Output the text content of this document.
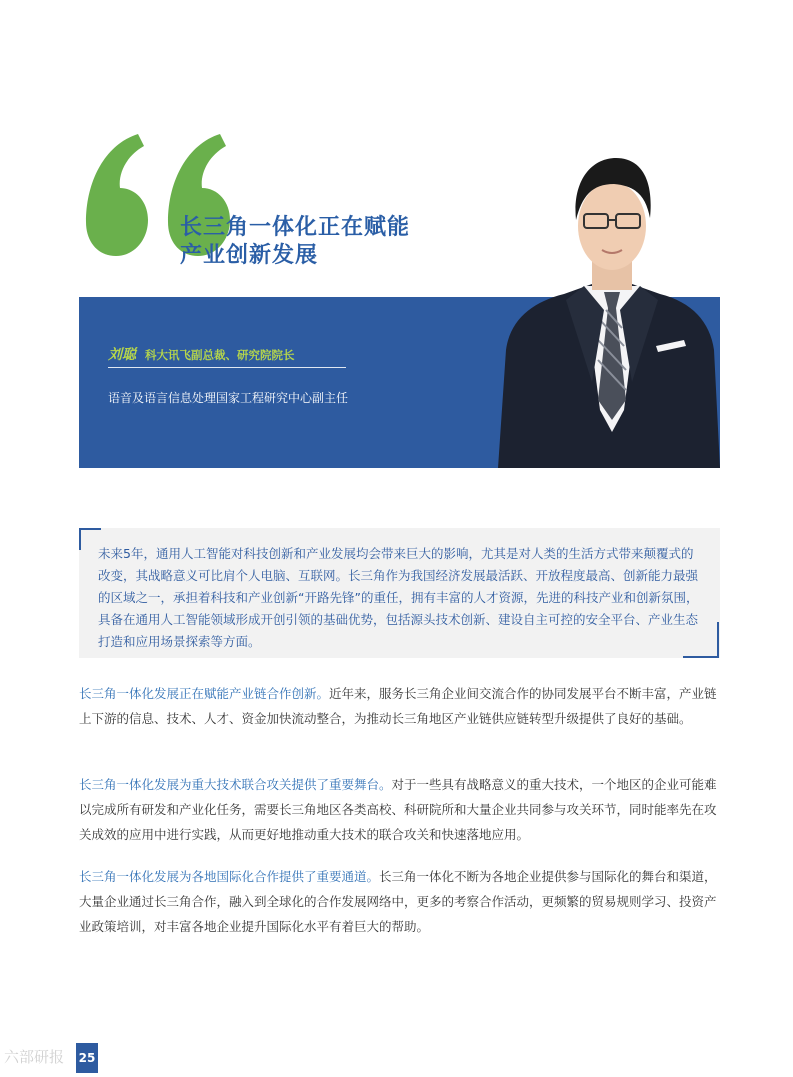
长三角一体化正在赋能
产业创新发展
刘聪 科大讯飞副总裁、研究院院长
语音及语言信息处理国家工程研究中心副主任

未来5年，通用人工智能对科技创新和产业发展均会带来巨大的影响，尤其是对人类的生活方式带来颠覆式的改变，其战略意义可比肩个人电脑、互联网。长三角作为我国经济发展最活跃、开放程度最高、创新能力最强的区域之一，承担着科技和产业创新“开路先锋”的重任，拥有丰富的人才资源，先进的科技产业和创新氛围，具备在通用人工智能领域形成开创引领的基础优势，包括源头技术创新、建设自主可控的安全平台、产业生态打造和应用场景探索等方面。

长三角一体化发展正在赋能产业链合作创新。近年来，服务长三角企业间交流合作的协同发展平台不断丰富，产业链上下游的信息、技术、人才、资金加快流动整合，为推动长三角地区产业链供应链转型升级提供了良好的基础。

长三角一体化发展为重大技术联合攻关提供了重要舞台。对于一些具有战略意义的重大技术，一个地区的企业可能难以完成所有研发和产业化任务，需要长三角地区各类高校、科研院所和大量企业共同参与攻关环节，同时能率先在攻关成效的应用中进行实践，从而更好地推动重大技术的联合攻关和快速落地应用。

长三角一体化发展为各地国际化合作提供了重要通道。长三角一体化不断为各地企业提供参与国际化的舞台和渠道，大量企业通过长三角合作，融入到全球化的合作发展网络中，更多的考察合作活动，更频繁的贸易规则学习、投资产业政策培训，对丰富各地企业提升国际化水平有着巨大的帮助。

25
六部研报
